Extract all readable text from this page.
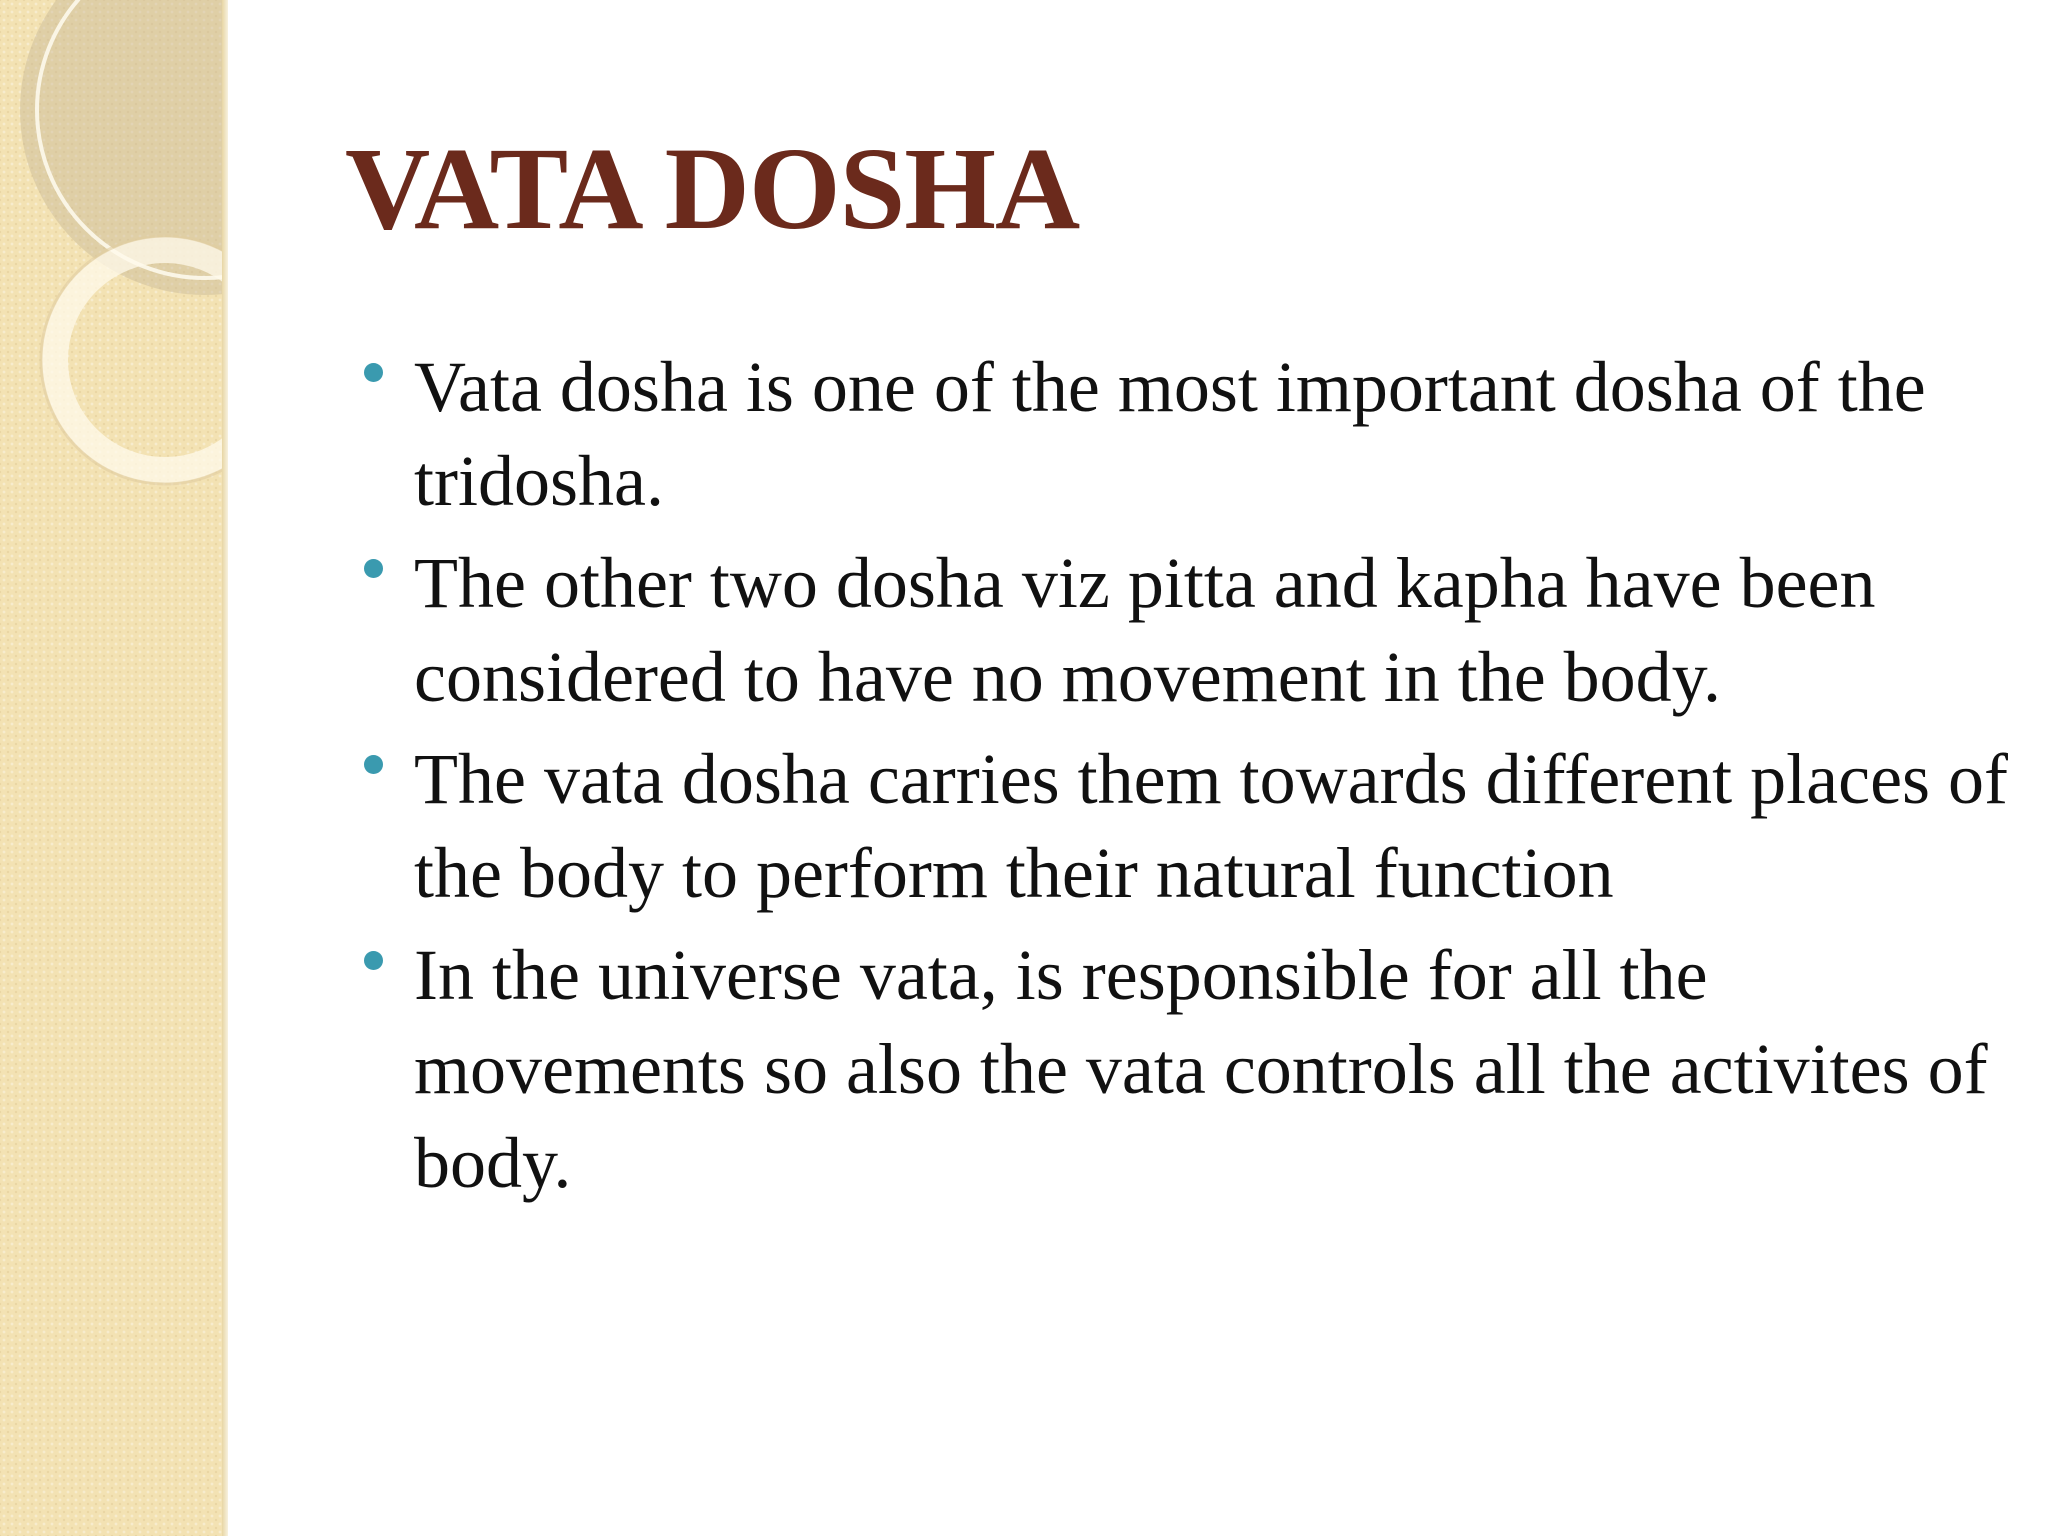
VATA DOSHA
Vata dosha is one of the most important dosha of the tridosha.
The other two dosha viz pitta and kapha have been considered to have no movement in the body.
The vata dosha carries them towards different places of the body to perform their natural function
In the universe vata, is responsible for all the movements so also the vata controls all the activites of body.
